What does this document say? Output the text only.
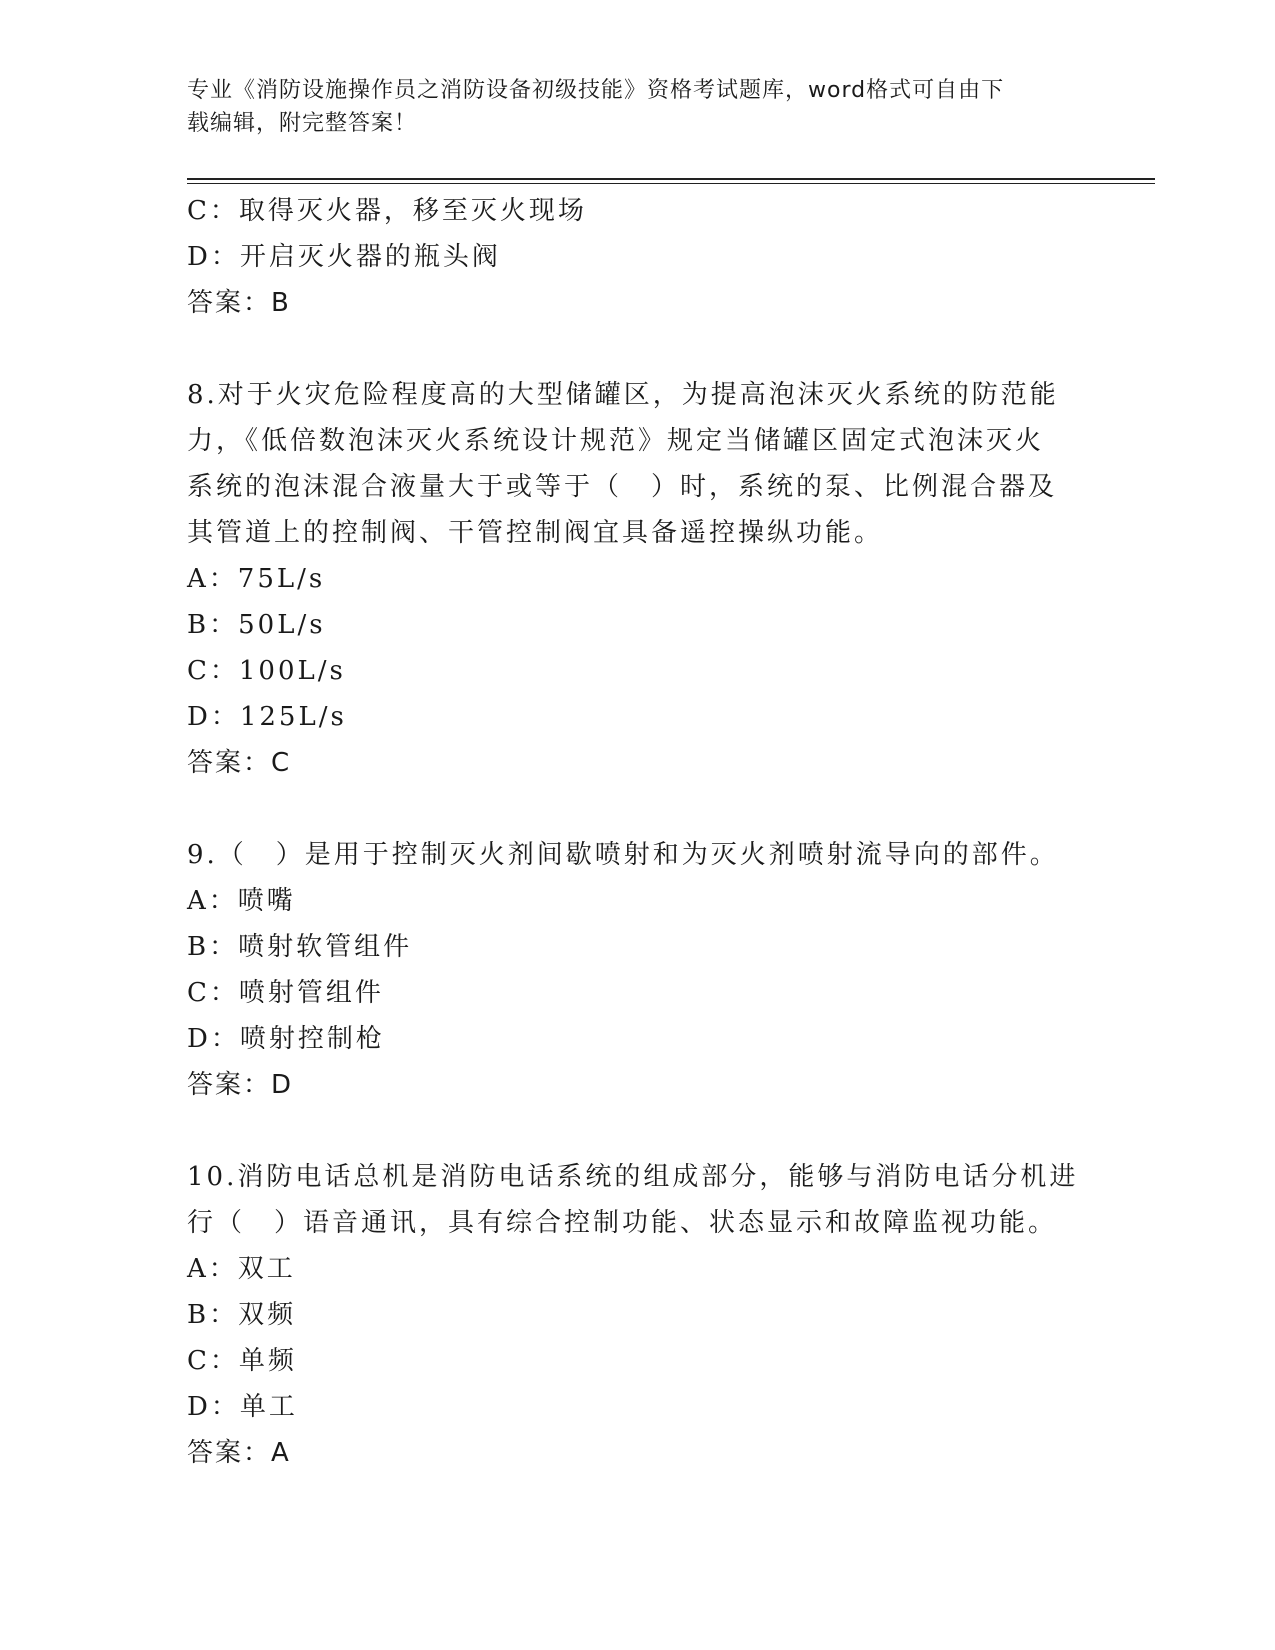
专业《消防设施操作员之消防设备初级技能》资格考试题库，word格式可自由下
载编辑，附完整答案！
C：取得灭火器，移至灭火现场
D：开启灭火器的瓶头阀
答案：B
8.对于火灾危险程度高的大型储罐区，为提高泡沫灭火系统的防范能
力，《低倍数泡沫灭火系统设计规范》规定当储罐区固定式泡沫灭火
系统的泡沫混合液量大于或等于（　）时，系统的泵、比例混合器及
其管道上的控制阀、干管控制阀宜具备遥控操纵功能。
A：75L/s
B：50L/s
C：100L/s
D：125L/s
答案：C
9.（　）是用于控制灭火剂间歇喷射和为灭火剂喷射流导向的部件。
A：喷嘴
B：喷射软管组件
C：喷射管组件
D：喷射控制枪
答案：D
10.消防电话总机是消防电话系统的组成部分，能够与消防电话分机进
行（　）语音通讯，具有综合控制功能、状态显示和故障监视功能。
A：双工
B：双频
C：单频
D：单工
答案：A
